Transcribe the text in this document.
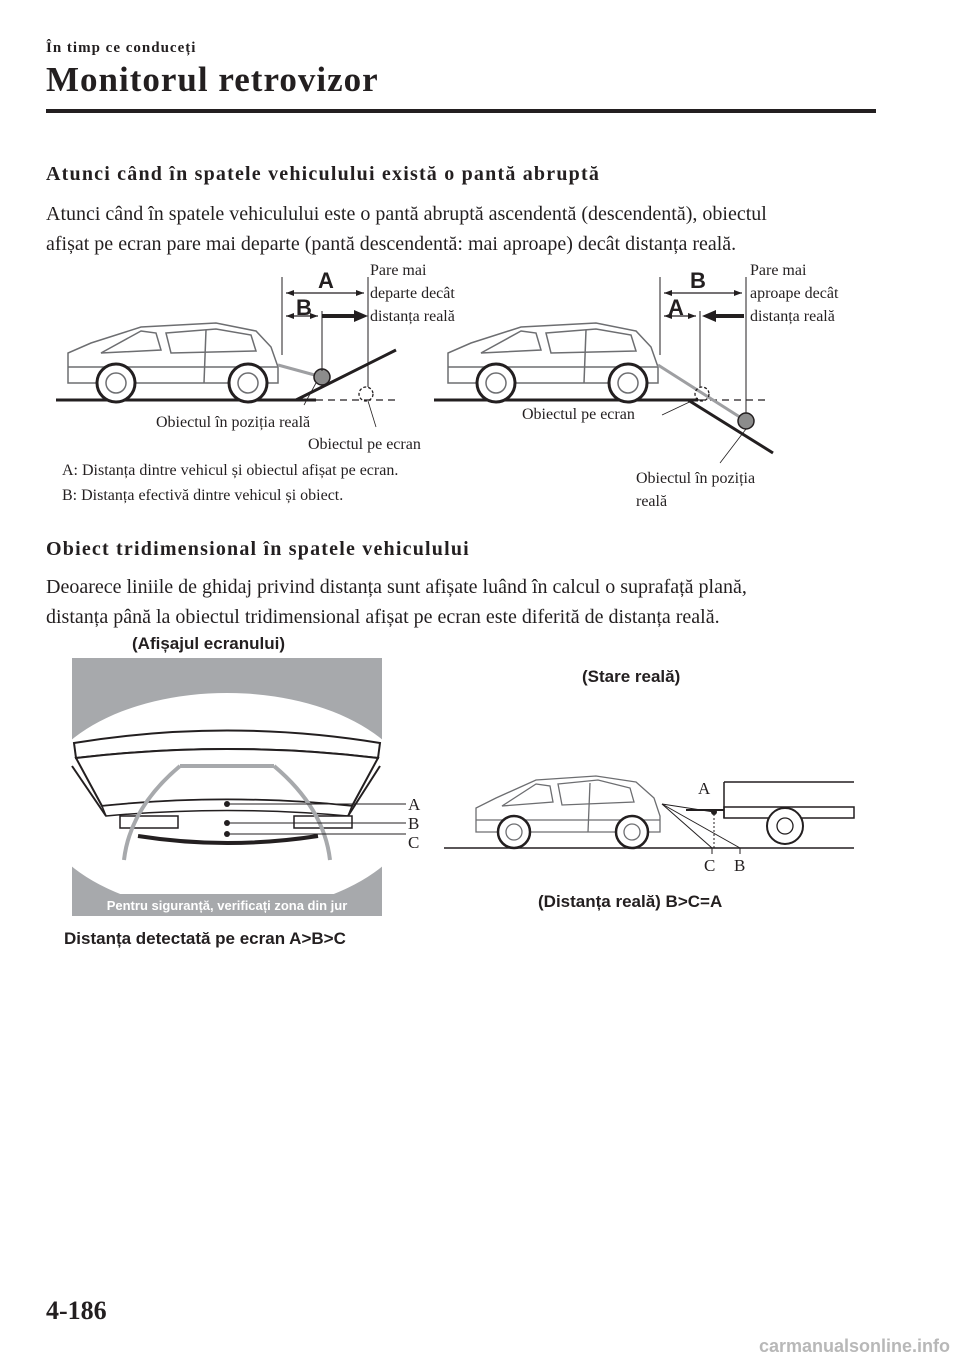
În timp ce conduceți
Monitorul retrovizor
Atunci când în spatele vehiculului există o pantă abruptă
Atunci când în spatele vehiculului este o pantă abruptă ascendentă (descendentă), obiectul
afișat pe ecran pare mai departe (pantă descendentă: mai aproape) decât distanța reală.
A
B
Pare mai
departe decât
distanța reală
Obiectul în poziția reală
Obiectul pe ecran
B
A
Pare mai
aproape decât
distanța reală
Obiectul pe ecran
Obiectul în poziția
reală
A: Distanța dintre vehicul și obiectul afișat pe ecran.
B: Distanța efectivă dintre vehicul și obiect.
Obiect tridimensional în spatele vehiculului
Deoarece liniile de ghidaj privind distanța sunt afișate luând în calcul o suprafață plană,
distanța până la obiectul tridimensional afișat pe ecran este diferită de distanța reală.
(Afișajul ecranului)
A
B
C
Pentru siguranță, verificați zona din jur
Distanța detectată pe ecran A>B>C
(Stare reală)
A
C B
(Distanța reală) B>C=A
4-186
carmanualsonline.info
